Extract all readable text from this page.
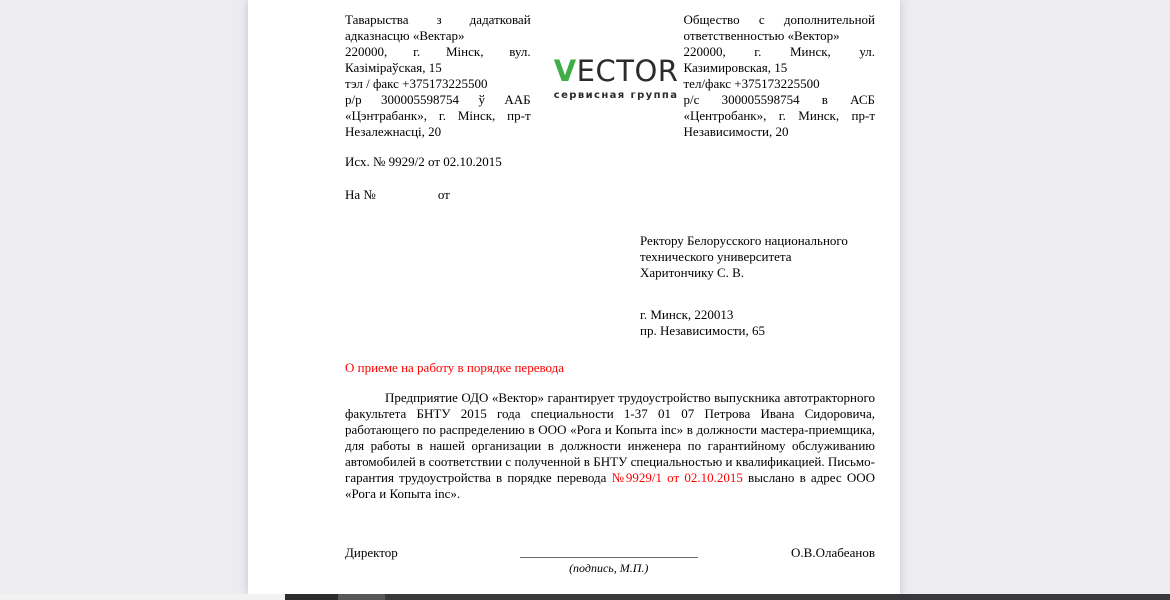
Таварыства з дадатковай адказнасцю «Вектар»

220000, г. Мінск, вул. Казіміраўская, 15

тэл / факс +375173225500

р/р 300005598754 ў ААБ «Цэнтрабанк», г. Мінск, пр-т Незалежнасці, 20

VECTOR
сервисная группа

Общество с дополнительной ответственностью «Вектор»

220000, г. Минск, ул. Казимировская, 15

тел/факс +375173225500

р/с 300005598754 в АСБ «Центробанк», г. Минск, пр-т Независимости, 20

Исх. № 9929/2 от 02.10.2015

На №	от

Ректору Белорусского национального технического университета

Харитончику С. В.

г. Минск, 220013

пр. Независимости, 65

О приеме на работу в порядке перевода

Предприятие ОДО «Вектор» гарантирует трудоустройство выпускника автотракторного факультета БНТУ 2015 года специальности 1-37 01 07 Петрова Ивана Сидоровича, работающего по распределению в ООО «Рога и Копыта inc» в должности мастера-приемщика, для работы в нашей организации в должности инженера по гарантийному обслуживанию автомобилей в соответствии с полученной в БНТУ специальностью и квалификацией. Письмо-гарантия трудоустройства в порядке перевода №9929/1 от 02.10.2015 выслано в адрес ООО «Рога и Копыта inc».

Директор
(подпись, М.П.)
О.В.Олабеанов
